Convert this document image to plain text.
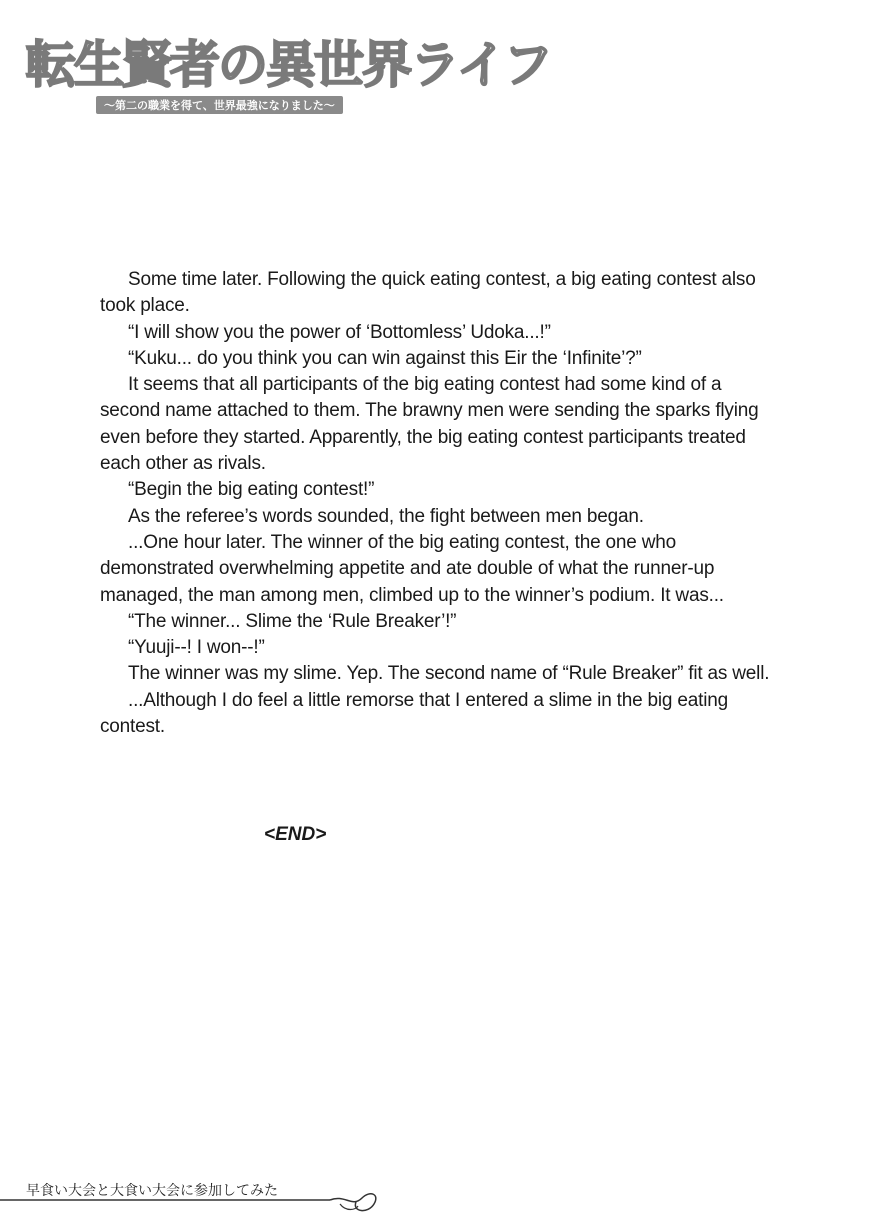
転生賢者の異世界ライフ
〜第二の職業を得て、世界最強になりました〜

Some time later. Following the quick eating contest, a big eating contest also took place.

“I will show you the power of ‘Bottomless’ Udoka...!”

“Kuku... do you think you can win against this Eir the ‘Infinite’?”

It seems that all participants of the big eating contest had some kind of a second name attached to them. The brawny men were sending the sparks flying even before they started. Apparently, the big eating contest participants treated each other as rivals.

“Begin the big eating contest!”

As the referee’s words sounded, the fight between men began.

...One hour later. The winner of the big eating contest, the one who demonstrated overwhelming appetite and ate double of what the runner-up managed, the man among men, climbed up to the winner’s podium. It was...

“The winner... Slime the ‘Rule Breaker’!”

“Yuuji--! I won--!”

The winner was my slime. Yep. The second name of “Rule Breaker” fit as well.

...Although I do feel a little remorse that I entered a slime in the big eating contest.

<END>
早食い大会と大食い大会に参加してみた
